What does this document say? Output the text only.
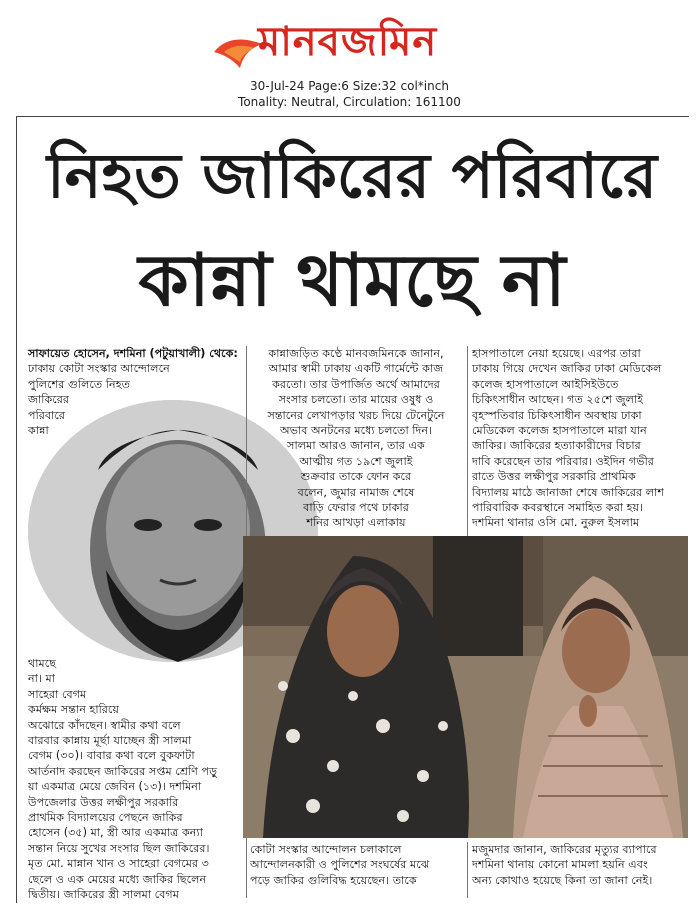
মানবজমিন
30-Jul-24 Page:6 Size:32 col*inch
Tonality: Neutral, Circulation: 161100
নিহত জাকিরের পরিবারে
কান্না থামছে না

সাফায়েত হোসেন, দশমিনা (পটুয়াখালী) থেকে: ঢাকায় কোটা সংস্কার আন্দোলনে

পুলিশের গুলিতে নিহত

জাকিরের

পরিবারে

কান্না

থামছে

না। মা

সাহেরা বেগম

কর্মক্ষম সন্তান হারিয়ে

অঝোরে কাঁদছেন। স্বামীর কথা বলে

বারবার কান্নায় মূর্ছা যাচ্ছেন স্ত্রী সালমা

বেগম (৩০)। বাবার কথা বলে বুকফাটা

আর্তনাদ করছেন জাকিরের সপ্তম শ্রেণি পড়ু

য়া একমাত্র মেয়ে জেবিন (১৩)। দশমিনা

উপজেলার উত্তর লক্ষীপুর সরকারি

প্রাথমিক বিদ্যালয়ের পেছনে জাকির

হোসেন (৩৫) মা, স্ত্রী আর একমাত্র কন্যা

সন্তান নিয়ে সুখের সংসার ছিল জাকিরের।

মৃত মো. মান্নান খান ও সাহেরা বেগমের ৩

ছেলে ও এক মেয়ের মধ্যে জাকির ছিলেন

দ্বিতীয়। জাকিরের স্ত্রী সালমা বেগম

কান্নাজড়িত কণ্ঠে মানবজমিনকে জানান,

আমার স্বামী ঢাকায় একটি গার্মেন্টে কাজ

করতো। তার উপার্জিত অর্থে আমাদের

সংসার চলতো। তার মায়ের ওষুধ ও

সন্তানের লেখাপড়ার খরচ দিয়ে টেনেটুনে

অভাব অনটনের মধ্যে চলতো দিন।

সালমা আরও জানান, তার এক

আত্মীয় গত ১৯শে জুলাই

শুক্রবার তাকে ফোন করে

বলেন, জুমার নামাজ শেষে

বাড়ি ফেরার পথে ঢাকার

শনির আখড়া এলাকায়

হাসপাতালে নেয়া হয়েছে। এরপর তারা

ঢাকায় গিয়ে দেখেন জাকির ঢাকা মেডিকেল

কলেজ হাসপাতালে আইসিইউতে

চিকিৎসাধীন আছেন। গত ২৫শে জুলাই

বৃহস্পতিবার চিকিৎসাধীন অবস্থায় ঢাকা

মেডিকেল কলেজ হাসপাতালে মারা যান

জাকির। জাকিরের হত্যাকারীদের বিচার

দাবি করেছেন তার পরিবার। ওইদিন গভীর

রাতে উত্তর লক্ষীপুর সরকারি প্রাথমিক

বিদ্যালয় মাঠে জানাজা শেষে জাকিরের লাশ

পারিবারিক কবরস্থানে সমাহিত করা হয়।

দশমিনা থানার ওসি মো. নুরুল ইসলাম

কোটা সংস্কার আন্দোলন চলাকালে

আন্দোলনকারী ও পুলিশের সংঘর্ষের মঝে

পড়ে জাকির গুলিবিদ্ধ হয়েছেন। তাকে

মজুমদার জানান, জাকিরের মৃত্যুর ব্যাপারে

দশমিনা থানায় কোনো মামলা হয়নি এবং

অন্য কোথাও হয়েছে কিনা তা জানা নেই।
